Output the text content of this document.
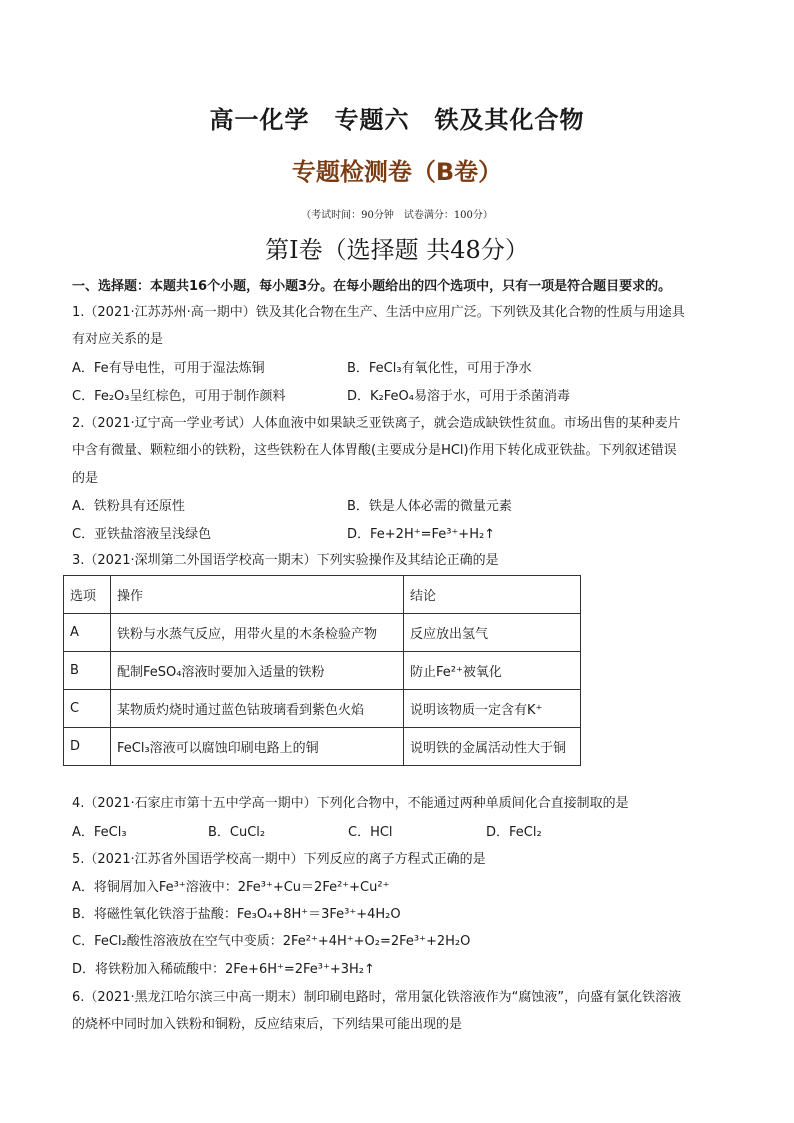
高一化学　专题六　铁及其化合物
专题检测卷（B卷）
（考试时间：90分钟　试卷满分：100分）
第Ⅰ卷（选择题 共48分）
一、选择题：本题共16个小题，每小题3分。在每小题给出的四个选项中，只有一项是符合题目要求的。
1.（2021·江苏苏州·高一期中）铁及其化合物在生产、生活中应用广泛。下列铁及其化合物的性质与用途具
有对应关系的是
A．Fe有导电性，可用于湿法炼铜	B．FeCl₃有氧化性，可用于净水
C．Fe₂O₃呈红棕色，可用于制作颜料	D．K₂FeO₄易溶于水，可用于杀菌消毒
2.（2021·辽宁高一学业考试）人体血液中如果缺乏亚铁离子，就会造成缺铁性贫血。市场出售的某种麦片
中含有微量、颗粒细小的铁粉，这些铁粉在人体胃酸(主要成分是HCl)作用下转化成亚铁盐。下列叙述错误
的是
A．铁粉具有还原性	B．铁是人体必需的微量元素
C．亚铁盐溶液呈浅绿色	D．Fe+2H⁺=Fe³⁺+H₂↑
3.（2021·深圳第二外国语学校高一期末）下列实验操作及其结论正确的是
4.（2021·石家庄市第十五中学高一期中）下列化合物中，不能通过两种单质间化合直接制取的是
A．FeCl₃	B．CuCl₂	C．HCl	D．FeCl₂
5.（2021·江苏省外国语学校高一期中）下列反应的离子方程式正确的是
A．将铜屑加入Fe³⁺溶液中：2Fe³⁺+Cu＝2Fe²⁺+Cu²⁺
B．将磁性氧化铁溶于盐酸：Fe₃O₄+8H⁺＝3Fe³⁺+4H₂O
C．FeCl₂酸性溶液放在空气中变质：2Fe²⁺+4H⁺+O₂=2Fe³⁺+2H₂O
D．将铁粉加入稀硫酸中：2Fe+6H⁺=2Fe³⁺+3H₂↑
6.（2021·黑龙江哈尔滨三中高一期末）制印刷电路时，常用氯化铁溶液作为“腐蚀液”，向盛有氯化铁溶液
的烧杯中同时加入铁粉和铜粉，反应结束后，下列结果可能出现的是
选项	操作	结论
A	铁粉与水蒸气反应，用带火星的木条检验产物	反应放出氢气
B	配制FeSO₄溶液时要加入适量的铁粉	防止Fe²⁺被氧化
C	某物质灼烧时通过蓝色钴玻璃看到紫色火焰	说明该物质一定含有K⁺
D	FeCl₃溶液可以腐蚀印刷电路上的铜	说明铁的金属活动性大于铜
